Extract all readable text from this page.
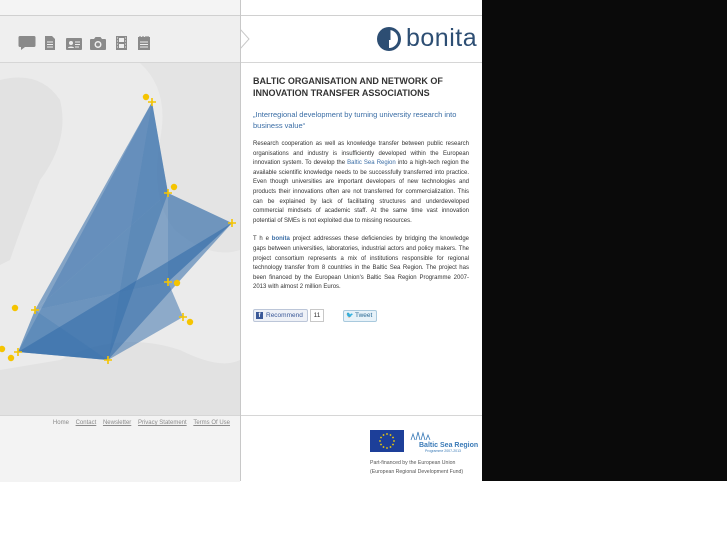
bonita
BALTIC ORGANISATION AND NETWORK OF INNOVATION TRANSFER ASSOCIATIONS
„Interregional development by turning university research into business value“
Research cooperation as well as knowledge transfer between public research organisations and industry is insufficiently developed within the European innovation system. To develop the Baltic Sea Region into a high-tech region the available scientific knowledge needs to be successfully transferred into practice. Even though universities are important developers of new technologies and products their innovations often are not transferred for commercialization. This can be explained by lack of facilitating structures and underdeveloped commercial mindsets of academic staff. At the same time vast innovation potential of SMEs is not exploited due to missing resources.
T h e bonita project addresses these deficiencies by bridging the knowledge gaps between universities, laboratories, industrial actors and policy makers. The project consortium represents a mix of institutions responsible for regional technology transfer from 8 countries in the Baltic Sea Region. The project has been financed by the European Union's Baltic Sea Region Programme 2007-2013 with almost 2 million Euros.
f Recommend	11	🐦 Tweet
Home Contact Newsletter Privacy Statement Terms Of Use
Baltic Sea Region
Programme 2007-2013
Part-financed by the European Union
(European Regional Development Fund)
